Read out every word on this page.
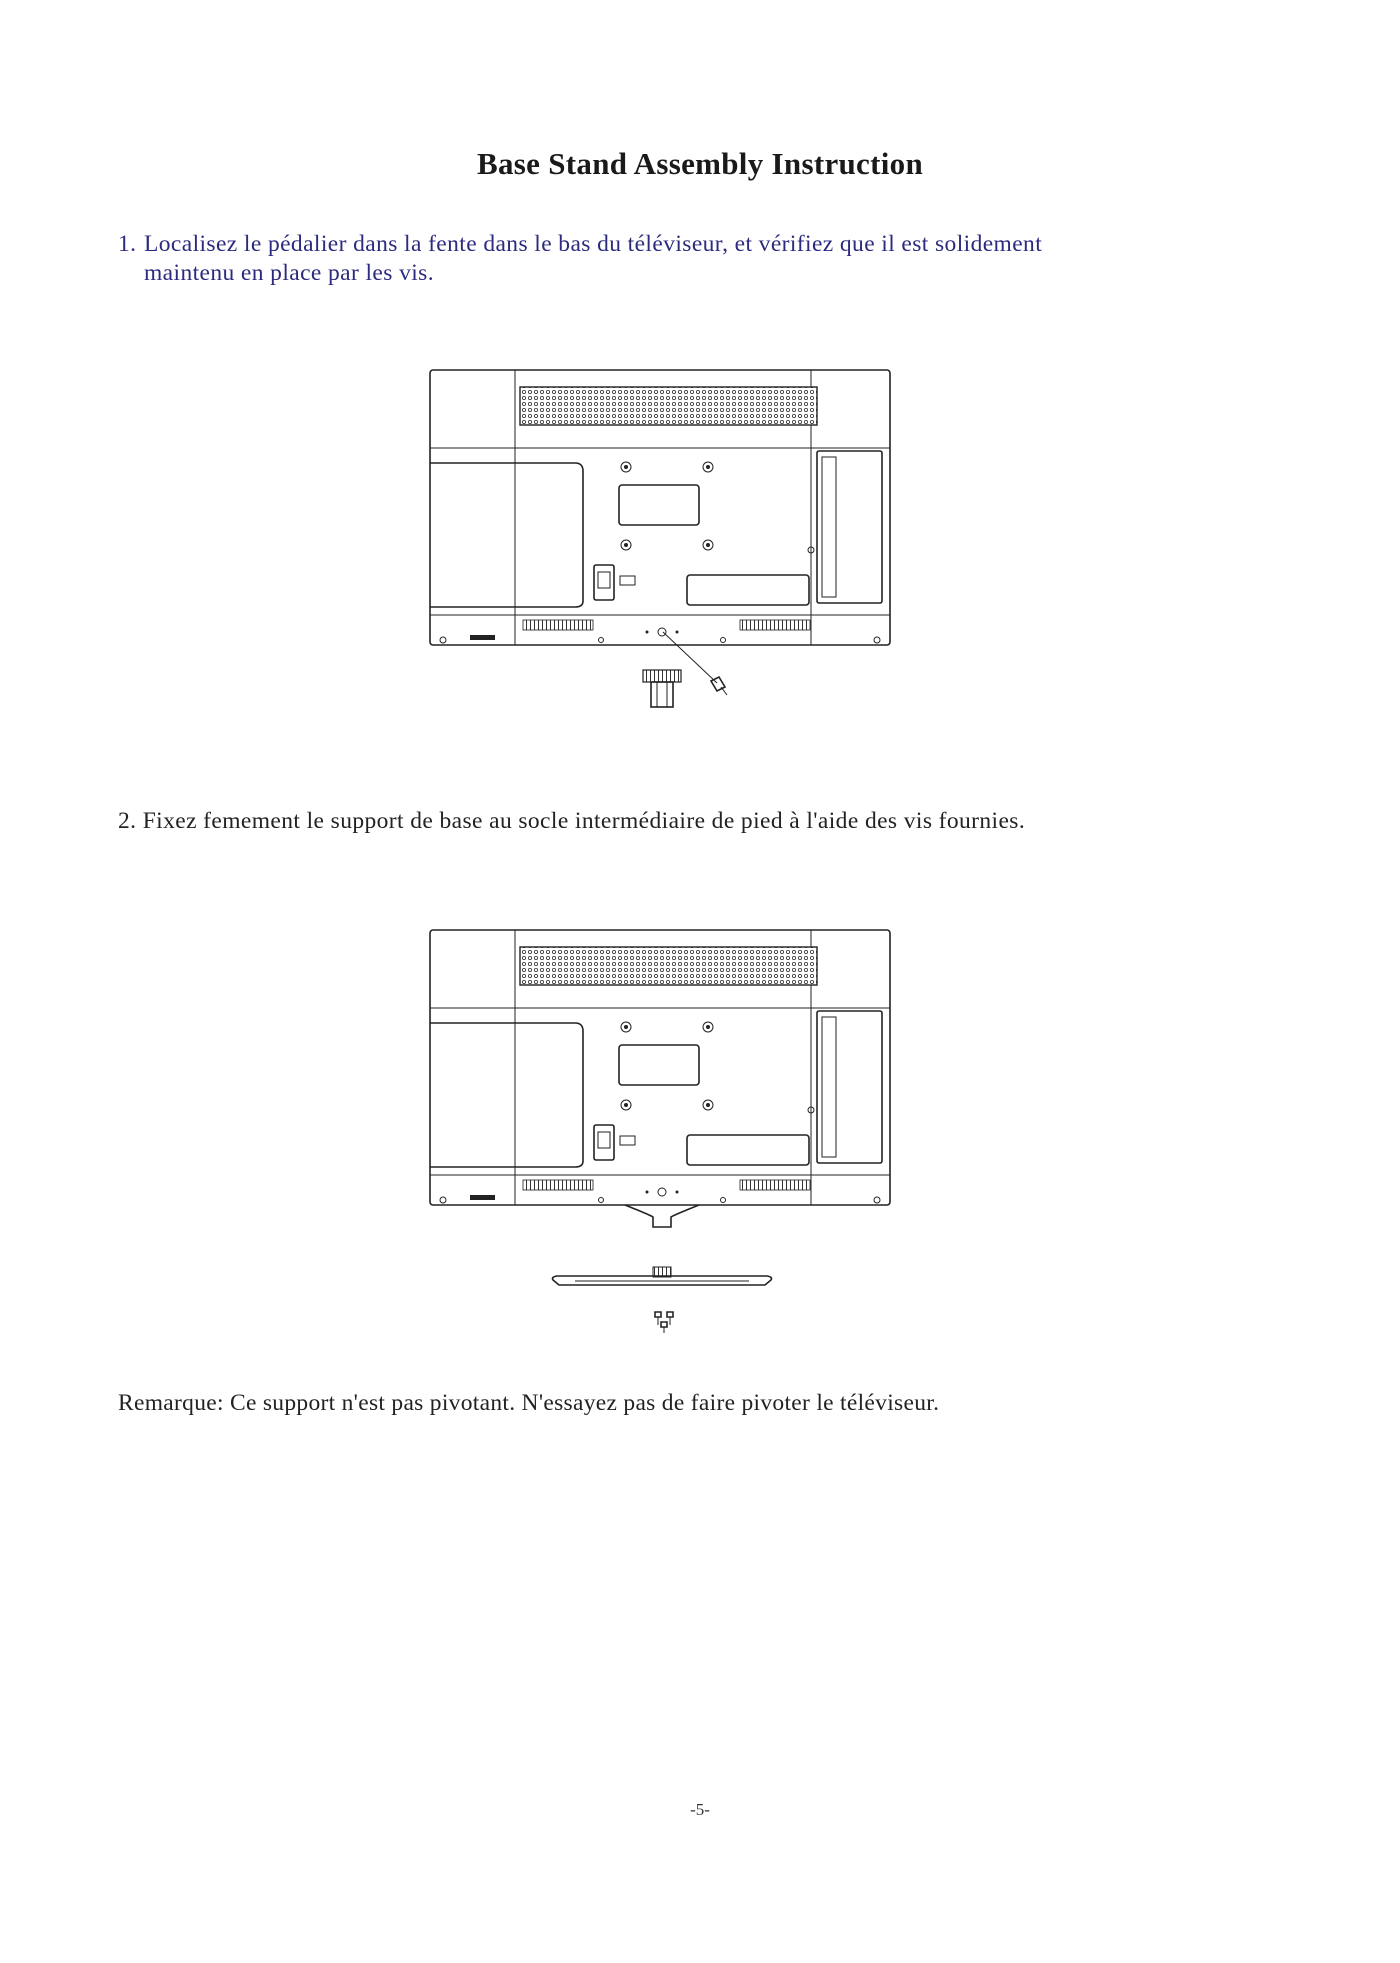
Base Stand Assembly Instruction
1. Localisez le pédalier dans la fente dans le bas du téléviseur, et vérifiez que il est solidement
maintenu en place par les vis.
2. Fixez femement le support de base au socle intermédiaire de pied à l'aide des vis fournies.
Remarque: Ce support n'est pas pivotant. N'essayez pas de faire pivoter le téléviseur.
-5-
